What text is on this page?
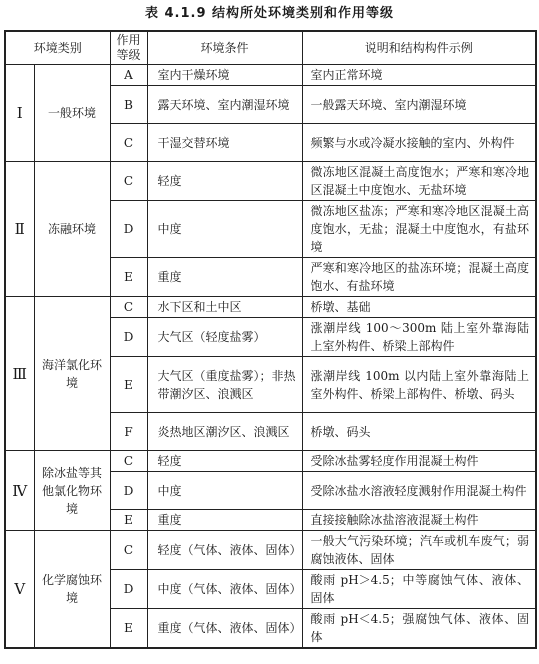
表 4.1.9 结构所处环境类别和作用等级
环境类别		作用等级	环境条件	说明和结构构件示例
Ⅰ	一般环境	A	室内干燥环境	室内正常环境
		B	露天环境、室内潮湿环境	一般露天环境、室内潮湿环境
		C	干湿交替环境	频繁与水或冷凝水接触的室内、外构件
Ⅱ	冻融环境	C	轻度	微冻地区混凝土高度饱水；严寒和寒冷地区混凝土中度饱水、无盐环境
		D	中度	微冻地区盐冻；严寒和寒冷地区混凝土高度饱水，无盐；混凝土中度饱水，有盐环境
		E	重度	严寒和寒冷地区的盐冻环境；混凝土高度饱水、有盐环境
Ⅲ	海洋氯化环境	C	水下区和土中区	桥墩、基础
		D	大气区（轻度盐雾）	涨潮岸线 100～300m 陆上室外靠海陆上室外构件、桥梁上部构件
		E	大气区（重度盐雾）；非热带潮汐区、浪溅区	涨潮岸线 100m 以内陆上室外靠海陆上室外构件、桥梁上部构件、桥墩、码头
		F	炎热地区潮汐区、浪溅区	桥墩、码头
Ⅳ	除冰盐等其他氯化物环境	C	轻度	受除冰盐雾轻度作用混凝土构件
		D	中度	受除冰盐水溶液轻度溅射作用混凝土构件
		E	重度	直接接触除冰盐溶液混凝土构件
Ⅴ	化学腐蚀环境	C	轻度（气体、液体、固体）	一般大气污染环境；汽车或机车废气；弱腐蚀液体、固体
		D	中度（气体、液体、固体）	酸雨 pH＞4.5；中等腐蚀气体、液体、固体
		E	重度（气体、液体、固体）	酸雨 pH＜4.5；强腐蚀气体、液体、固体
